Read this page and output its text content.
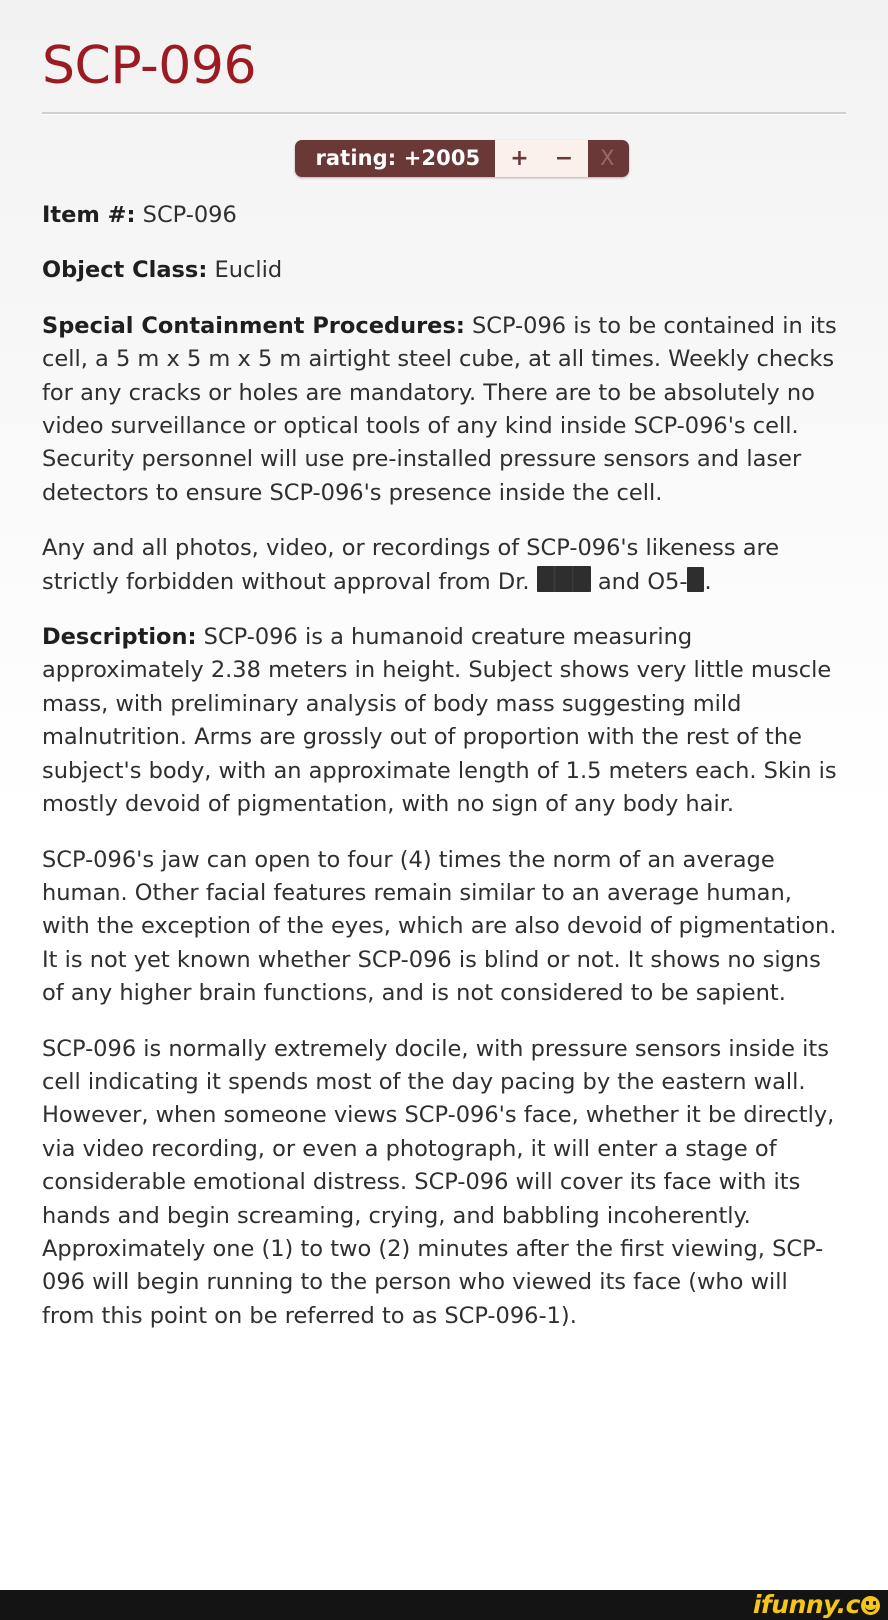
SCP-096
rating: +2005	+	−	X

Item #: SCP-096

Object Class: Euclid

Special Containment Procedures: SCP-096 is to be contained in its cell, a 5 m x 5 m x 5 m airtight steel cube, at all times. Weekly checks for any cracks or holes are mandatory. There are to be absolutely no video surveillance or optical tools of any kind inside SCP-096's cell. Security personnel will use pre-installed pressure sensors and laser detectors to ensure SCP-096's presence inside the cell.

Any and all photos, video, or recordings of SCP-096's likeness are strictly forbidden without approval from Dr.  and O5- .

Description: SCP-096 is a humanoid creature measuring approximately 2.38 meters in height. Subject shows very little muscle mass, with preliminary analysis of body mass suggesting mild malnutrition. Arms are grossly out of proportion with the rest of the subject's body, with an approximate length of 1.5 meters each. Skin is mostly devoid of pigmentation, with no sign of any body hair.

SCP-096's jaw can open to four (4) times the norm of an average human. Other facial features remain similar to an average human, with the exception of the eyes, which are also devoid of pigmentation. It is not yet known whether SCP-096 is blind or not. It shows no signs of any higher brain functions, and is not considered to be sapient.

SCP-096 is normally extremely docile, with pressure sensors inside its cell indicating it spends most of the day pacing by the eastern wall. However, when someone views SCP-096's face, whether it be directly, via video recording, or even a photograph, it will enter a stage of considerable emotional distress. SCP-096 will cover its face with its hands and begin screaming, crying, and babbling incoherently. Approximately one (1) to two (2) minutes after the first viewing, SCP-096 will begin running to the person who viewed its face (who will from this point on be referred to as SCP-096-1).

ifunny.c
